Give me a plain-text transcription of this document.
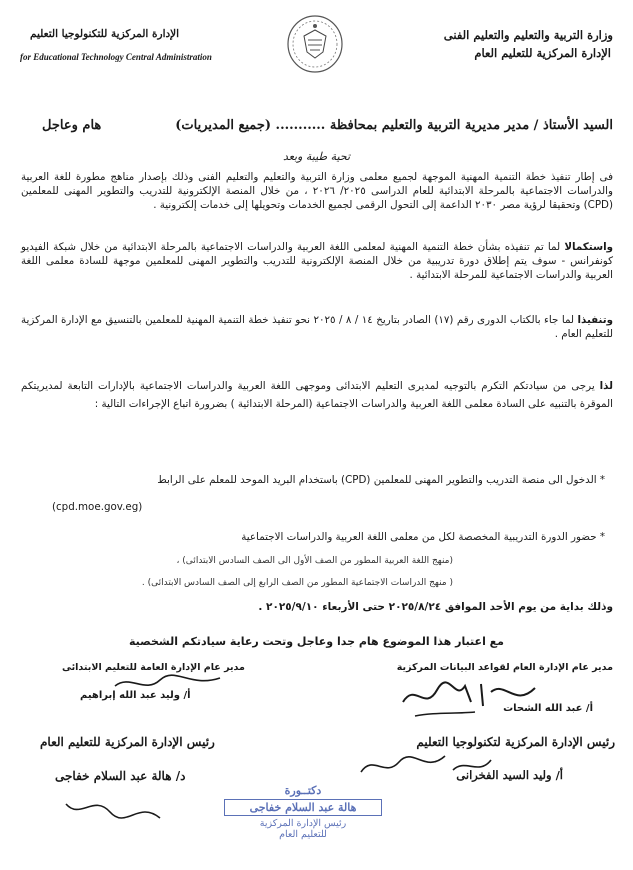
وزارة التربية والتعليم والتعليم الفنى
الإدارة المركزية للتعليم العام
الإدارة المركزية للتكنولوجيا التعليم
for Educational Technology Central Administration
السيد الأستاذ / مدير مديرية التربية والتعليم بمحافظة ........... (جميع المديريات)
هام وعاجل
تحية طيبة وبعد
فى إطار تنفيذ خطة التنمية المهنية الموجهة لجميع معلمى وزارة التربية والتعليم والتعليم الفنى وذلك بإصدار مناهج مطورة للغة العربية والدراسات الاجتماعية بالمرحلة الابتدائية للعام الدراسى ٢٠٢٥/ ٢٠٢٦ ، من خلال المنصة الإلكترونية للتدريب والتطوير المهنى للمعلمين (CPD) وتحقيقا لرؤية مصر ٢٠٣٠ الداعمة إلى التحول الرقمى لجميع الخدمات وتحويلها إلى خدمات إلكترونية .
واستكمالا لما تم تنفيذه بشأن خطة التنمية المهنية لمعلمى اللغة العربية والدراسات الاجتماعية بالمرحلة الابتدائية من خلال شبكة الفيديو كونفرانس - سوف يتم إطلاق دورة تدريبية من خلال المنصة الإلكترونية للتدريب والتطوير المهنى للمعلمين موجهة للسادة معلمى اللغة العربية والدراسات الاجتماعية للمرحلة الابتدائية .
وتنفيذا لما جاء بالكتاب الدورى رقم (١٧) الصادر بتاريخ ١٤ / ٨ / ٢٠٢٥ نحو تنفيذ خطة التنمية المهنية للمعلمين بالتنسيق مع الإدارة المركزية للتعليم العام .
لذا يرجى من سيادتكم التكرم بالتوجيه لمديرى التعليم الابتدائى وموجهى اللغة العربية والدراسات الاجتماعية بالإدارات التابعة لمديريتكم الموقرة بالتنبيه على السادة معلمى اللغة العربية والدراسات الاجتماعية (المرحلة الابتدائية ) بضرورة اتباع الإجراءات التالية :
* الدخول الى منصة التدريب والتطوير المهنى للمعلمين (CPD) باستخدام البريد الموحد للمعلم على الرابط
(cpd.moe.gov.eg)
* حضور الدورة التدريبية المخصصة لكل من معلمى اللغة العربية والدراسات الاجتماعية
(منهج اللغة العربية المطور من الصف الأول الى الصف السادس الابتدائى) ،
( منهج الدراسات الاجتماعية المطور من الصف الرابع إلى الصف السادس الابتدائى) .
وذلك بداية من يوم الأحد الموافق ٢٠٢٥/٨/٢٤ حتى الأربعاء ٢٠٢٥/٩/١٠ .
مع اعتبار هذا الموضوع هام جدا وعاجل وتحت رعاية سيادتكم الشخصية
مدير عام الإدارة العام لقواعد البيانات المركزية
مدير عام الإدارة العامة للتعليم الابتدائى
أ/ عبد الله الشحات
أ/ وليد عبد الله إبراهيم
رئيس الإدارة المركزية لتكنولوجيا التعليم
رئيس الإدارة المركزية للتعليم العام
أ/ وليد السيد الفخرانى
د/ هالة عبد السلام خفاجى
دكتــورة
هالة عبد السلام خفاجى
رئيس الإدارة المركزية
للتعليم العام
